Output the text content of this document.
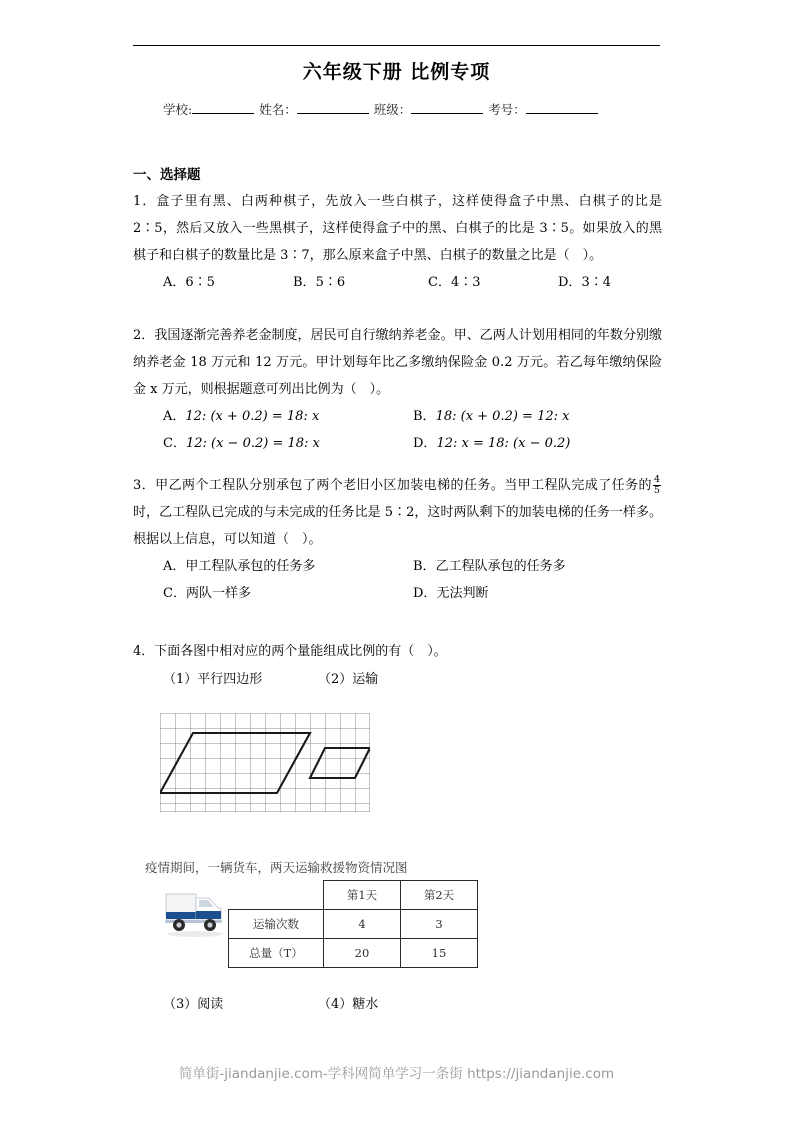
六年级下册 比例专项
学校:	姓名：	班级：	考号：
一、选择题
1．盒子里有黑、白两种棋子，先放入一些白棋子，这样使得盒子中黑、白棋子的比是2∶5，然后又放入一些黑棋子，这样使得盒子中的黑、白棋子的比是 3∶5。如果放入的黑棋子和白棋子的数量比是 3∶7，那么原来盒子中黑、白棋子的数量之比是（　）。
A．6∶5	B．5∶6	C．4∶3	D．3∶4
2．我国逐渐完善养老金制度，居民可自行缴纳养老金。甲、乙两人计划用相同的年数分别缴纳养老金 18 万元和 12 万元。甲计划每年比乙多缴纳保险金 0.2 万元。若乙每年缴纳保险金 x 万元，则根据题意可列出比例为（　）。
A．12: (x + 0.2) = 18: x	B．18: (x + 0.2) = 12: x
C．12: (x − 0.2) = 18: x	D．12: x = 18: (x − 0.2)
3．甲乙两个工程队分别承包了两个老旧小区加装电梯的任务。当甲工程队完成了任务的 $\frac{4}{5}$
时，乙工程队已完成的与未完成的任务比是 5∶2，这时两队剩下的加装电梯的任务一样多。根据以上信息，可以知道（　）。
A．甲工程队承包的任务多	B．乙工程队承包的任务多
C．两队一样多	D．无法判断
4．下面各图中相对应的两个量能组成比例的有（　）。
（1）平行四边形	（2）运输
疫情期间，一辆货车，两天运输救援物资情况图
	第1天	第2天
运输次数	4	3
总量（T）	20	15
（3）阅读	（4）糖水
简单街-jiandanjie.com-学科网简单学习一条街 https://jiandanjie.com
